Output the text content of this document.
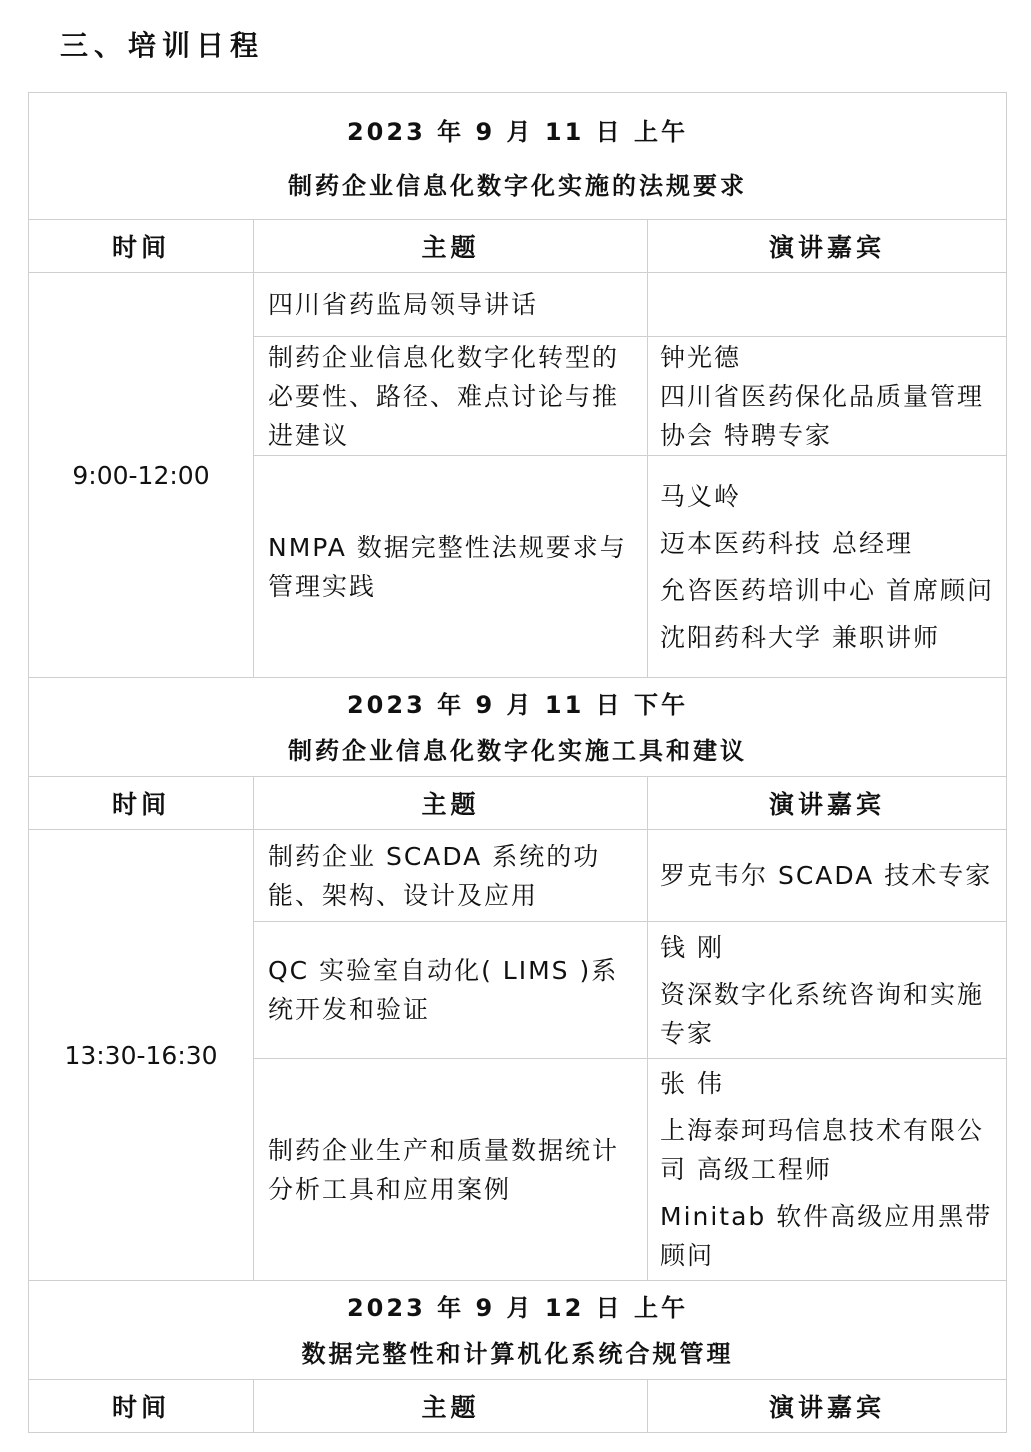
三、培训日程
2023 年 9 月 11 日 上午
制药企业信息化数字化实施的法规要求		

时间	主题	演讲嘉宾
9:00-12:00	四川省药监局领导讲话	
	制药企业信息化数字化转型的必要性、路径、难点讨论与推进建议	钟光德
四川省医药保化品质量管理协会 特聘专家

	NMPA 数据完整性法规要求与管理实践	马义岭
迈本医药科技 总经理
允咨医药培训中心 首席顾问
沈阳药科大学 兼职讲师

2023 年 9 月 11 日 下午
制药企业信息化数字化实施工具和建议		

时间	主题	演讲嘉宾
13:30-16:30	制药企业 SCADA 系统的功能、架构、设计及应用	罗克韦尔 SCADA 技术专家

	QC 实验室自动化( LIMS )系统开发和验证	钱 刚
资深数字化系统咨询和实施专家

	制药企业生产和质量数据统计分析工具和应用案例	张 伟
上海泰珂玛信息技术有限公司 高级工程师
Minitab 软件高级应用黑带顾问

2023 年 9 月 12 日 上午
数据完整性和计算机化系统合规管理		

时间	主题	演讲嘉宾
